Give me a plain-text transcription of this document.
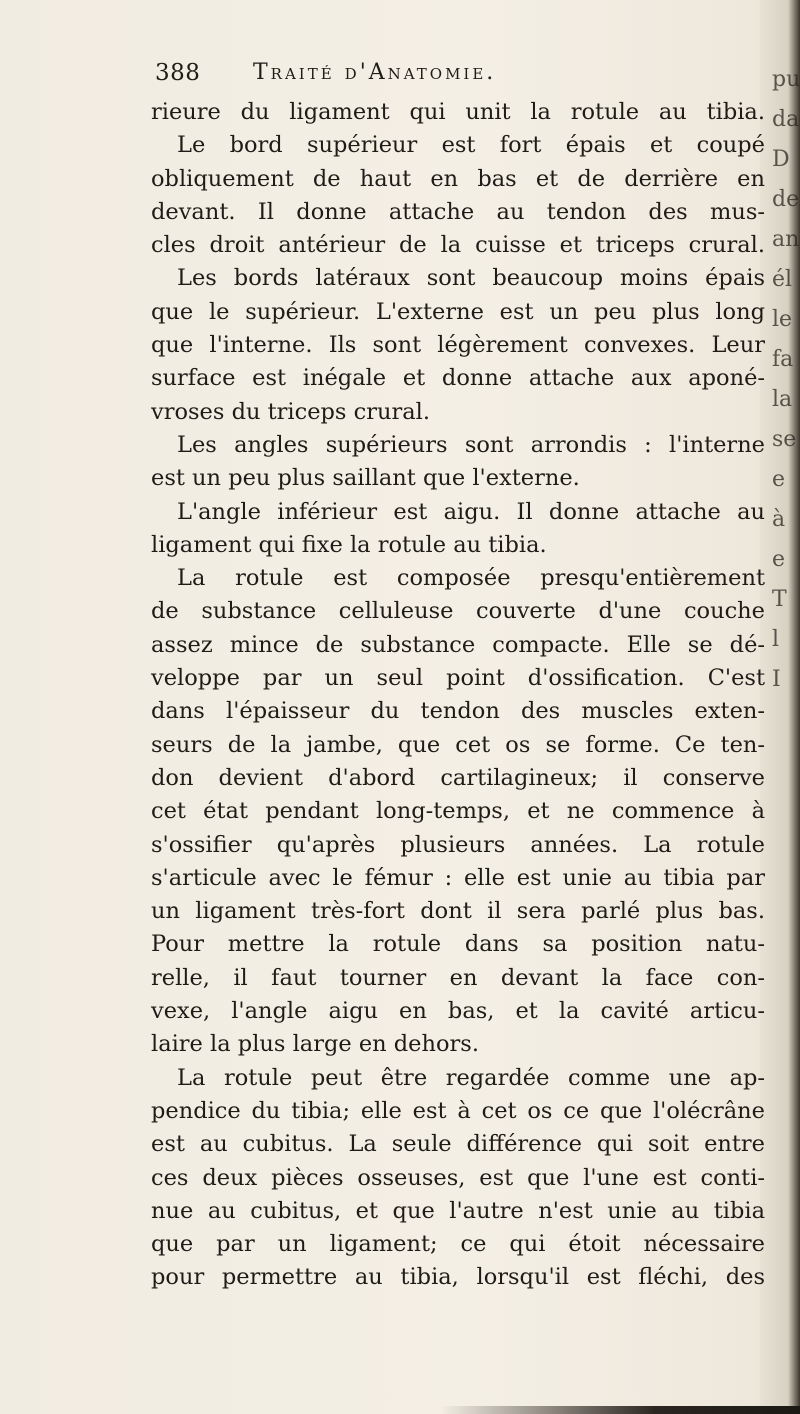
pu
da
D
de
an
él
le
fa
la
se
e
à
e
T
l
I
388 Traité d'Anatomie.
rieure du ligament qui unit la rotule au tibia.
Le bord supérieur est fort épais et coupé
obliquement de haut en bas et de derrière en
devant. Il donne attache au tendon des mus-
cles droit antérieur de la cuisse et triceps crural.
Les bords latéraux sont beaucoup moins épais
que le supérieur. L'externe est un peu plus long
que l'interne. Ils sont légèrement convexes. Leur
surface est inégale et donne attache aux aponé-
vroses du triceps crural.
Les angles supérieurs sont arrondis : l'interne
est un peu plus saillant que l'externe.
L'angle inférieur est aigu. Il donne attache au
ligament qui fixe la rotule au tibia.
La rotule est composée presqu'entièrement
de substance celluleuse couverte d'une couche
assez mince de substance compacte. Elle se dé-
veloppe par un seul point d'ossification. C'est
dans l'épaisseur du tendon des muscles exten-
seurs de la jambe, que cet os se forme. Ce ten-
don devient d'abord cartilagineux; il conserve
cet état pendant long-temps, et ne commence à
s'ossifier qu'après plusieurs années. La rotule
s'articule avec le fémur : elle est unie au tibia par
un ligament très-fort dont il sera parlé plus bas.
Pour mettre la rotule dans sa position natu-
relle, il faut tourner en devant la face con-
vexe, l'angle aigu en bas, et la cavité articu-
laire la plus large en dehors.
La rotule peut être regardée comme une ap-
pendice du tibia; elle est à cet os ce que l'olécrâne
est au cubitus. La seule différence qui soit entre
ces deux pièces osseuses, est que l'une est conti-
nue au cubitus, et que l'autre n'est unie au tibia
que par un ligament; ce qui étoit nécessaire
pour permettre au tibia, lorsqu'il est fléchi, des
